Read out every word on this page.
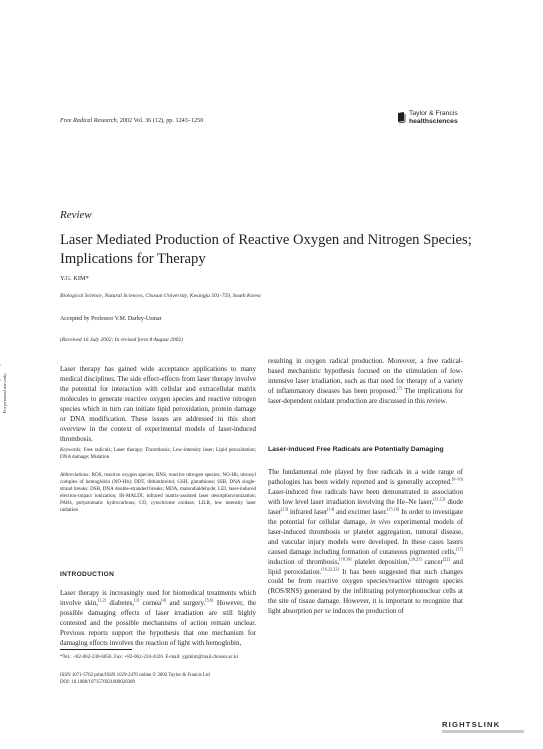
For personal use only.
Free Radical Research, 2002 Vol. 36 (12), pp. 1243–1250
Taylor & Francis
healthsciences
Review
Laser Mediated Production of Reactive Oxygen and Nitrogen Species; Implications for Therapy
Y.G. KIM*
Biological Science, Natural Sciences, Chosun University, Kwangju 501-759, South Korea
Accepted by Professor V.M. Darley-Usmar
(Received 16 July 2002; In revised form 8 August 2002)
Laser therapy has gained wide acceptance applications to many medical disciplines. The side effect-effects from laser therapy involve the potential for interaction with cellular and extracellular matrix molecules to generate reactive oxygen species and reactive nitrogen species which in turn can initiate lipid peroxidation, protein damage or DNA modification. These issues are addressed in this short overview in the context of experimental models of laser-induced thrombosis.
Keywords: Free radicals; Laser therapy; Thrombosis; Low-intensity laser; Lipid peroxidation; DNA damage; Mutation
Abbreviations: ROS, reactive oxygen species; RNS, reactive nitrogen species; NO-Hb, nitrosyl complex of hemoglobin (NO-Hb); DDT, dithiothreitol; GSH, glutathione; SSB, DNA single-strand breaks; DSB, DNA double-stranded breaks; MDA, malondialdehyde; LEI, laser-induced electron-impact ionization; IR-MALDI, infrared matrix-assisted laser desorption/ionization; PAHs, polyaromatic hydrocarbons; CO, cytochrome oxidase; LILR, low intensity laser radiation
INTRODUCTION
Laser therapy is increasingly used for biomedical treatments which involve skin,[1,2] diabetes,[3] cornea[4] and surgery.[5,6] However, the possible damaging effects of laser irradiation are still highly contested and the possible mechanisms of action remain unclear. Previous reports support the hypothesis that one mechanism for damaging effects involves the reaction of light with hemoglobin,
resulting in oxygen radical production. Moreover, a free radical-based mechanistic hypothesis focused on the stimulation of low-intensive laser irradiation, such as that used for therapy of a variety of inflammatory diseases has been proposed.[7] The implications for laser-dependent oxidant production are discussed in this review.
Laser-induced Free Radicals are Potentially Damaging
The fundamental role played by free radicals in a wide range of pathologies has been widely reported and is generally accepted.[8–10] Laser-induced free radicals have been demonstrated in association with low level laser irradiation involving the He–Ne laser,[11,12] diode laser[13] infrared laser[14] and excimer laser.[15,16] In order to investigate the potential for cellular damage, in vivo experimental models of laser-induced thrombosis or platelet aggregation, tumoral disease, and vascular injury models were developed. In these cases lasers caused damage including formation of cutaneous pigmented cells,[17] induction of thrombosis,[18,19] platelet deposition,[20,21] cancer[22] and lipid peroxidation.[16,22,23] It has been suggested that such changes could be from reactive oxygen species/reactive nitrogen species (ROS/RNS) generated by the infiltrating polymorphonuclear cells at the site of tissue damage. However, it is important to recognize that light absorption per se induces the production of
*Tel.: +82-062-230-6656. Fax: +82-062-234-4326. E-mail: ygnkim@mail.chosun.ac.kr
ISSN 1071-5762 print/ISSN 1029-2470 online © 2002 Taylor & Francis Ltd
DOI: 10.1080/1071576021000028389
RIGHTSLINK
